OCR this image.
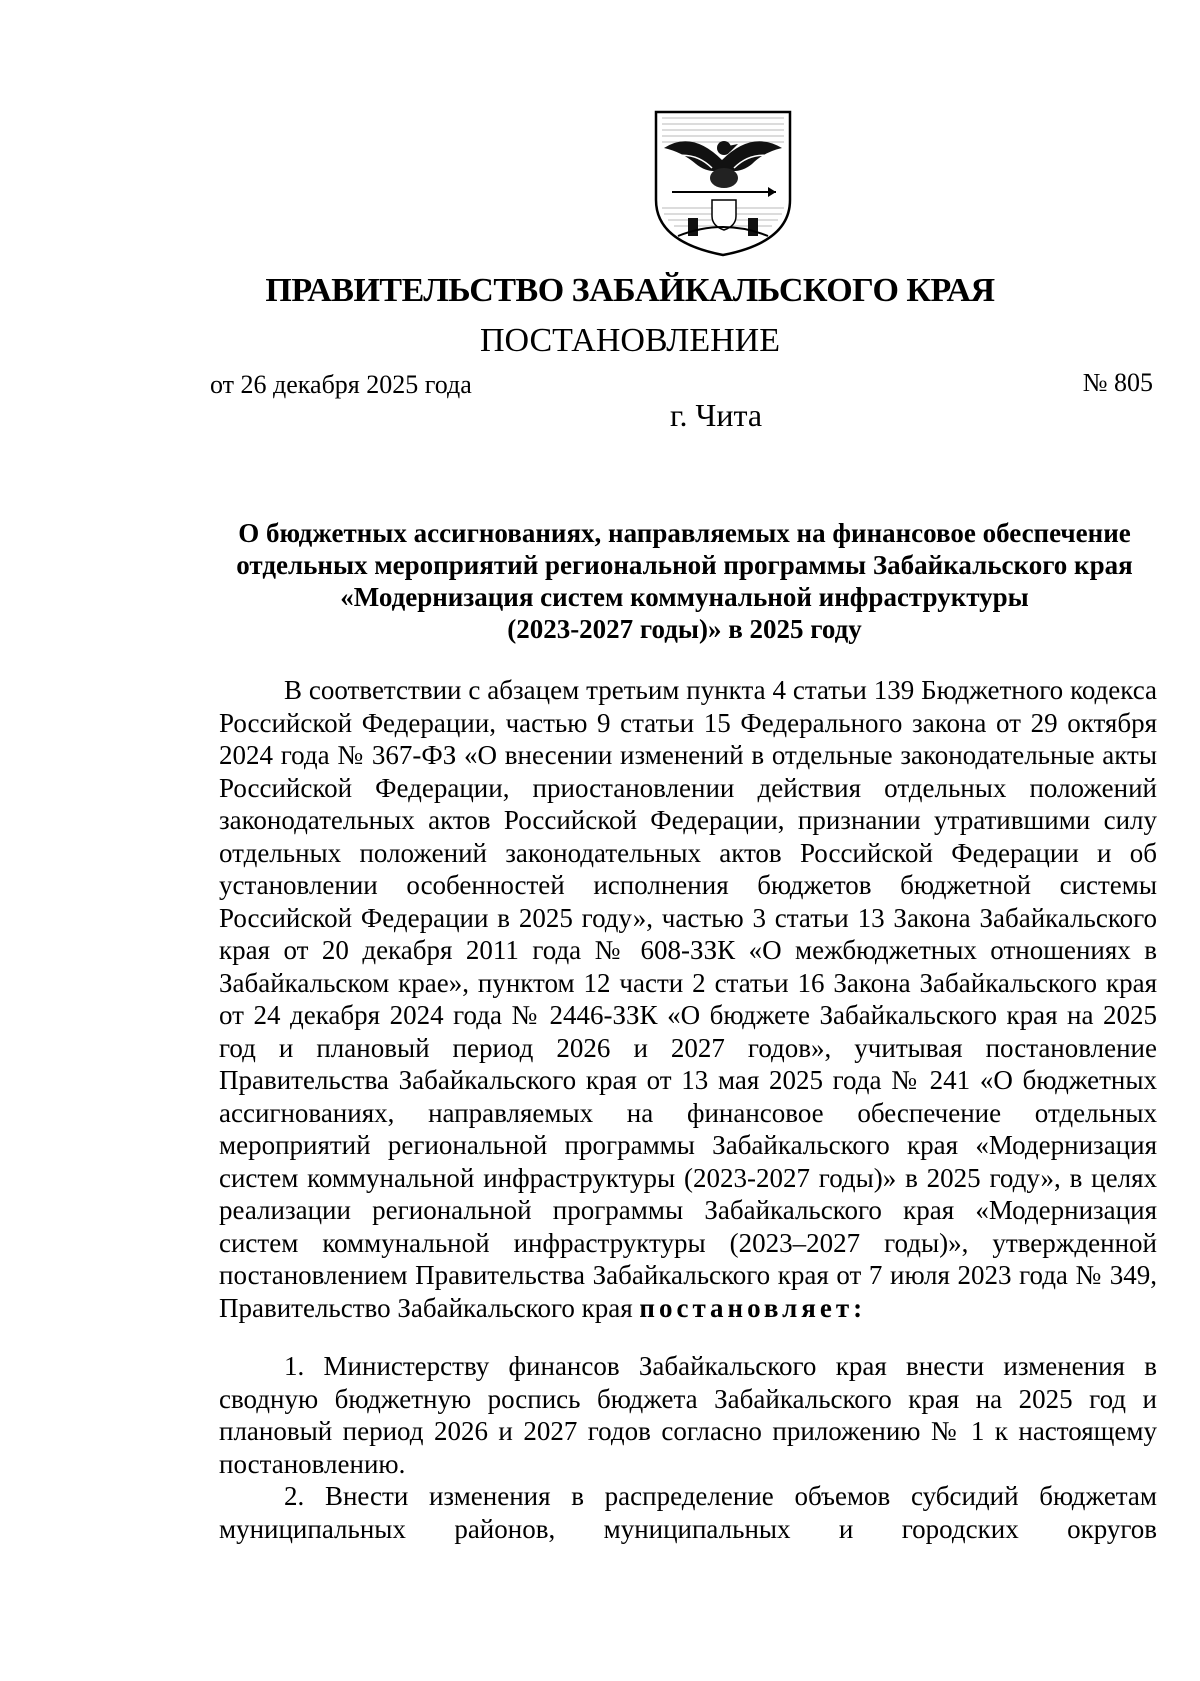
ПРАВИТЕЛЬСТВО ЗАБАЙКАЛЬСКОГО КРАЯ
ПОСТАНОВЛЕНИЕ
от 26 декабря 2025 года	№ 805
г. Чита
О бюджетных ассигнованиях, направляемых на финансовое обеспечение
отдельных мероприятий региональной программы Забайкальского края
«Модернизация систем коммунальной инфраструктуры
(2023-2027 годы)» в 2025 году

В соответствии с абзацем третьим пункта 4 статьи 139 Бюджетного кодекса Российской Федерации, частью 9 статьи 15 Федерального закона от 29 октября 2024 года № 367-ФЗ «О внесении изменений в отдельные законодательные акты Российской Федерации, приостановлении действия отдельных положений законодательных актов Российской Федерации, признании утратившими силу отдельных положений законодательных актов Российской Федерации и об установлении особенностей исполнения бюджетов бюджетной системы Российской Федерации в 2025 году», частью 3 статьи 13 Закона Забайкальского края от 20 декабря 2011 года № 608-ЗЗК «О межбюджетных отношениях в Забайкальском крае», пунктом 12 части 2 статьи 16 Закона Забайкальского края от 24 декабря 2024 года № 2446-ЗЗК «О бюджете Забайкальского края на 2025 год и плановый период 2026 и 2027 годов», учитывая постановление Правительства Забайкальского края от 13 мая 2025 года № 241 «О бюджетных ассигнованиях, направляемых на финансовое обеспечение отдельных мероприятий региональной программы Забайкальского края «Модернизация систем коммунальной инфраструктуры (2023-2027 годы)» в 2025 году», в целях реализации региональной программы Забайкальского края «Модернизация систем коммунальной инфраструктуры (2023–2027 годы)», утвержденной постановлением Правительства Забайкальского края от 7 июля 2023 года № 349, Правительство Забайкальского края постановляет:

1. Министерству финансов Забайкальского края внести изменения в сводную бюджетную роспись бюджета Забайкальского края на 2025 год и плановый период 2026 и 2027 годов согласно приложению № 1 к настоящему постановлению.

2. Внести изменения в распределение объемов субсидий бюджетам муниципальных районов, муниципальных и городских округов
